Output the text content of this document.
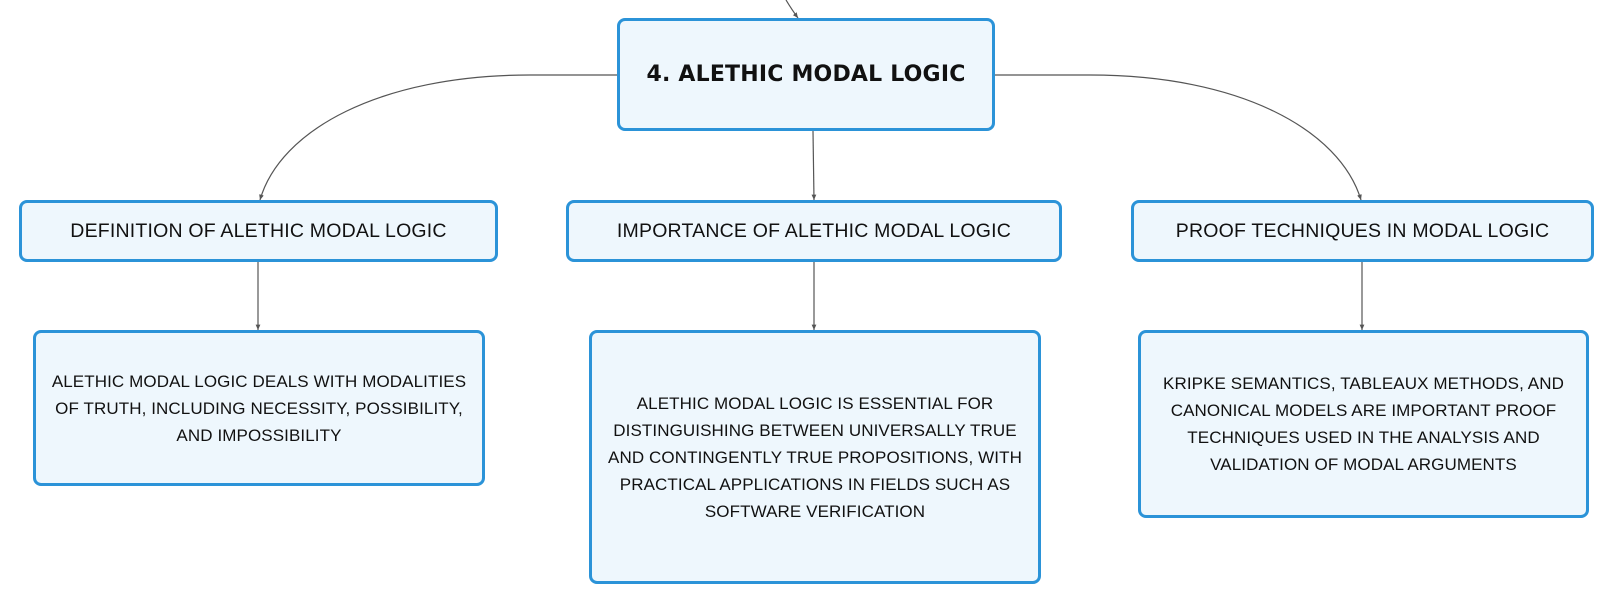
4. ALETHIC MODAL LOGIC
DEFINITION OF ALETHIC MODAL LOGIC	IMPORTANCE OF ALETHIC MODAL LOGIC	PROOF TECHNIQUES IN MODAL LOGIC
ALETHIC MODAL LOGIC DEALS WITH MODALITIES OF TRUTH, INCLUDING NECESSITY, POSSIBILITY, AND IMPOSSIBILITY
ALETHIC MODAL LOGIC IS ESSENTIAL FOR DISTINGUISHING BETWEEN UNIVERSALLY TRUE AND CONTINGENTLY TRUE PROPOSITIONS, WITH PRACTICAL APPLICATIONS IN FIELDS SUCH AS SOFTWARE VERIFICATION
KRIPKE SEMANTICS, TABLEAUX METHODS, AND CANONICAL MODELS ARE IMPORTANT PROOF TECHNIQUES USED IN THE ANALYSIS AND VALIDATION OF MODAL ARGUMENTS
